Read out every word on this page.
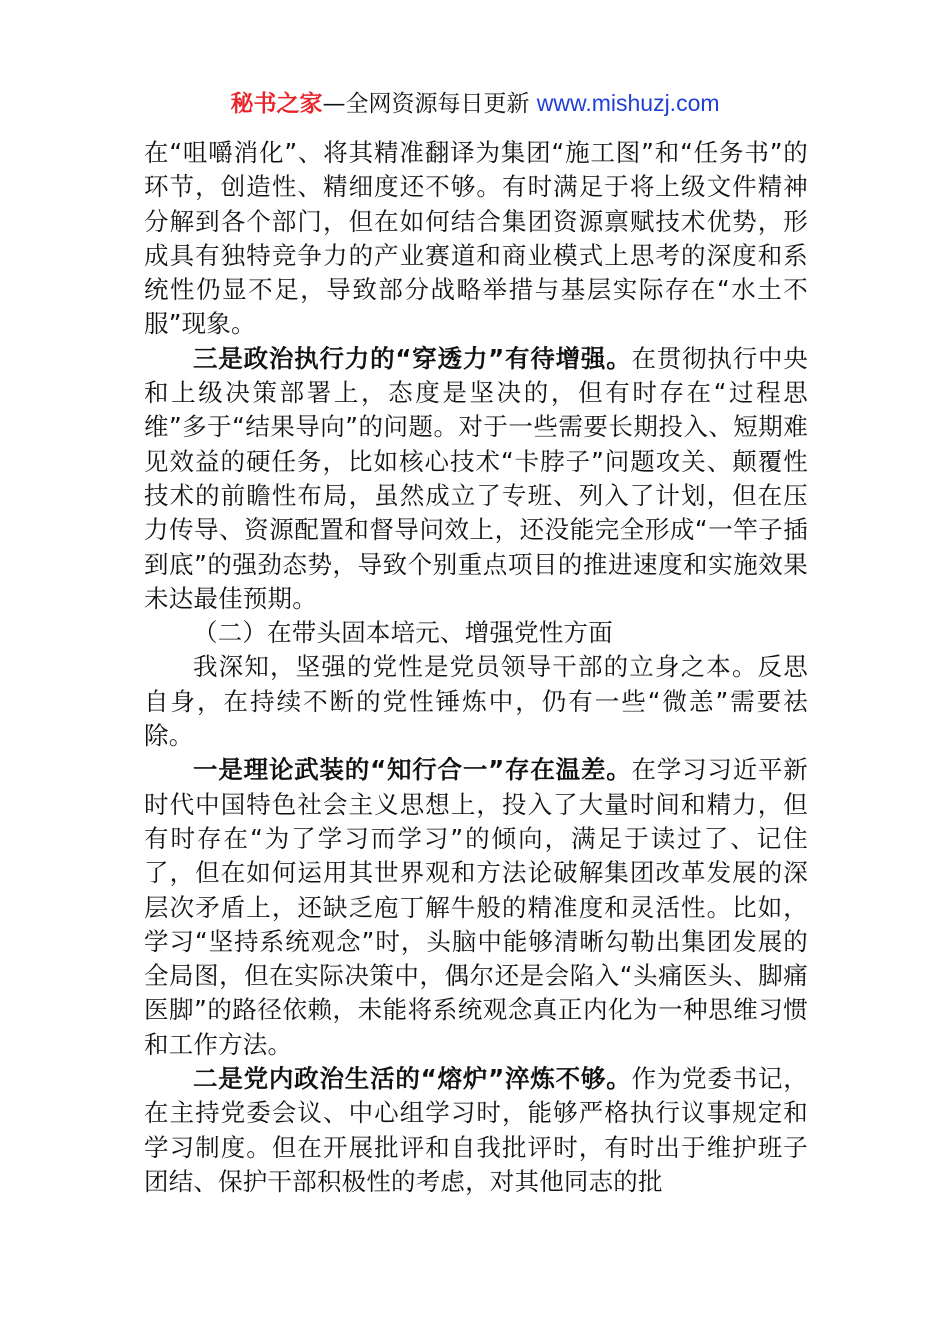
秘书之家—全网资源每日更新 www.mishuzj.com

在“咀嚼消化”、将其精准翻译为集团“施工图”和“任务书”的环节，创造性、精细度还不够。有时满足于将上级文件精神分解到各个部门，但在如何结合集团资源禀赋技术优势，形成具有独特竞争力的产业赛道和商业模式上思考的深度和系统性仍显不足，导致部分战略举措与基层实际存在“水土不服”现象。

三是政治执行力的“穿透力”有待增强。在贯彻执行中央和上级决策部署上，态度是坚决的，但有时存在“过程思维”多于“结果导向”的问题。对于一些需要长期投入、短期难见效益的硬任务，比如核心技术“卡脖子”问题攻关、颠覆性技术的前瞻性布局，虽然成立了专班、列入了计划，但在压力传导、资源配置和督导问效上，还没能完全形成“一竿子插到底”的强劲态势，导致个别重点项目的推进速度和实施效果未达最佳预期。

（二）在带头固本培元、增强党性方面

我深知，坚强的党性是党员领导干部的立身之本。反思自身，在持续不断的党性锤炼中，仍有一些“微恙”需要祛除。

一是理论武装的“知行合一”存在温差。在学习习近平新时代中国特色社会主义思想上，投入了大量时间和精力，但有时存在“为了学习而学习”的倾向，满足于读过了、记住了，但在如何运用其世界观和方法论破解集团改革发展的深层次矛盾上，还缺乏庖丁解牛般的精准度和灵活性。比如，学习“坚持系统观念”时，头脑中能够清晰勾勒出集团发展的全局图，但在实际决策中，偶尔还是会陷入“头痛医头、脚痛医脚”的路径依赖，未能将系统观念真正内化为一种思维习惯和工作方法。

二是党内政治生活的“熔炉”淬炼不够。作为党委书记，在主持党委会议、中心组学习时，能够严格执行议事规定和学习制度。但在开展批评和自我批评时，有时出于维护班子团结、保护干部积极性的考虑，对其他同志的批
